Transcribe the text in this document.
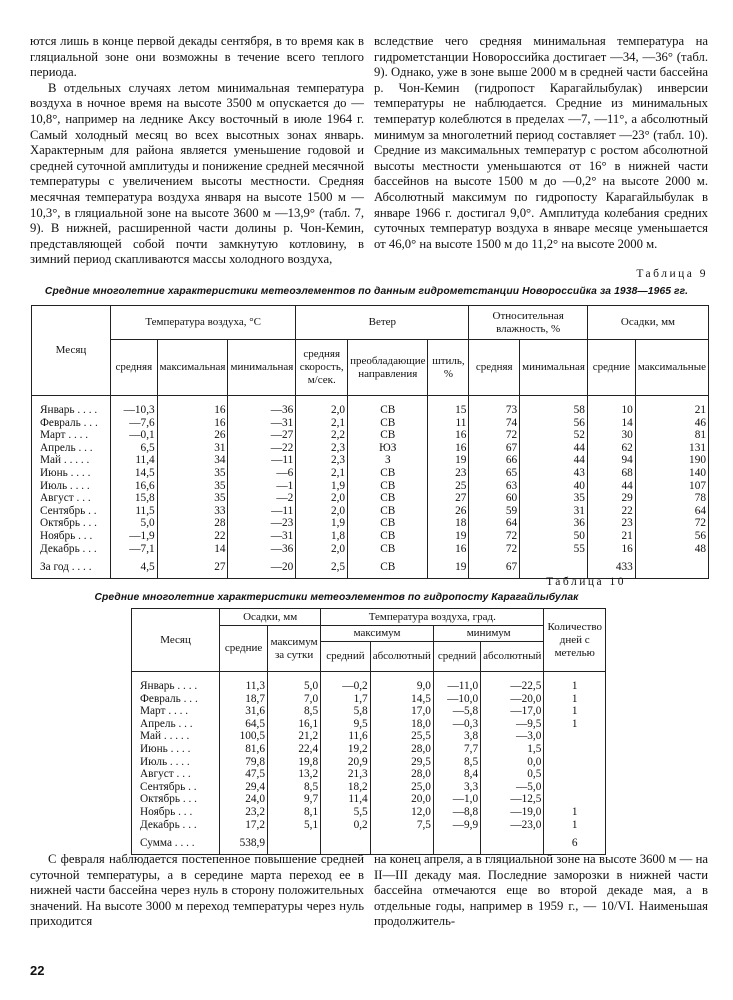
ются лишь в конце первой декады сентября, в то время как в гляциальной зоне они возможны в течение всего теплого периода.

В отдельных случаях летом минимальная температура воздуха в ночное время на высоте 3500 м опускается до —10,8°, например на леднике Аксу восточный в июле 1964 г. Самый холодный месяц во всех высотных зонах январь. Характерным для района является уменьшение годовой и средней суточной амплитуды и понижение средней месячной температуры с увеличением высоты местности. Средняя месячная температура воздуха января на высоте 1500 м —10,3°, в гляциальной зоне на высоте 3600 м —13,9° (табл. 7, 9). В нижней, расширенной части долины р. Чон-Кемин, представляющей собой почти замкнутую котловину, в зимний период скапливаются массы холодного воздуха,

вследствие чего средняя минимальная температура на гидрометстанции Новороссийка достигает —34, —36° (табл. 9). Однако, уже в зоне выше 2000 м в средней части бассейна р. Чон-Кемин (гидропост Карагайлыбулак) инверсии температуры не наблюдается. Средние из минимальных температур колеблются в пределах —7, —11°, а абсолютный минимум за многолетний период составляет —23° (табл. 10). Средние из максимальных температур с ростом абсолютной высоты местности уменьшаются от 16° в нижней части бассейнов на высоте 1500 м до —0,2° на высоте 2000 м. Абсолютный максимум по гидропосту Карагайлыбулак в январе 1966 г. достигал 9,0°. Амплитуда колебания средних суточных температур воздуха в январе месяце уменьшается от 46,0° на высоте 1500 м до 11,2° на высоте 2000 м.

Таблица 9
Средние многолетние характеристики метеоэлементов по данным гидрометстанции Новороссийка за 1938—1965 гг.
Месяц	Температура воздуха, °С			Ветер			Относительная влажность, %		Осадки, мм	
	средняя	максимальная	минимальная	средняя скорость, м/сек.	преобладающие направления	штиль, %	средняя	минимальная	средние	максимальные
Январь . . . .	—10,3	16	—36	2,0	СВ	15	73	58	10	21
Февраль . . .	—7,6	16	—31	2,1	СВ	11	74	56	14	46
Март . . . .	—0,1	26	—27	2,2	СВ	16	72	52	30	81
Апрель . . .	6,5	31	—22	2,3	ЮЗ	16	67	44	62	131
Май . . . . .	11,4	34	—11	2,3	З	19	66	44	94	190
Июнь . . . .	14,5	35	—6	2,1	СВ	23	65	43	68	140
Июль . . . .	16,6	35	—1	1,9	СВ	25	63	40	44	107
Август . . .	15,8	35	—2	2,0	СВ	27	60	35	29	78
Сентябрь . .	11,5	33	—11	2,0	СВ	26	59	31	22	64
Октябрь . . .	5,0	28	—23	1,9	СВ	18	64	36	23	72
Ноябрь . . .	—1,9	22	—31	1,8	СВ	19	72	50	21	56
Декабрь . . .	—7,1	14	—36	2,0	СВ	16	72	55	16	48
За год . . . .	4,5	27	—20	2,5	СВ	19	67		433	
Таблица 10
Средние многолетние характеристики метеоэлементов по гидропосту Карагайлыбулак
Месяц	Осадки, мм		Температура воздуха, град.				Количество дней с метелью
	средние	максимум за сутки	максимум		минимум		
			средний	абсолютный	средний	абсолютный	
Январь . . . .	11,3	5,0	—0,2	9,0	—11,0	—22,5	1
Февраль . . .	18,7	7,0	1,7	14,5	—10,0	—20,0	1
Март . . . .	31,6	8,5	5,8	17,0	—5,8	—17,0	1
Апрель . . .	64,5	16,1	9,5	18,0	—0,3	—9,5	1
Май . . . . .	100,5	21,2	11,6	25,5	3,8	—3,0	
Июнь . . . .	81,6	22,4	19,2	28,0	7,7	1,5	
Июль . . . .	79,8	19,8	20,9	29,5	8,5	0,0	
Август . . .	47,5	13,2	21,3	28,0	8,4	0,5	
Сентябрь . .	29,4	8,5	18,2	25,0	3,3	—5,0	
Октябрь . . .	24,0	9,7	11,4	20,0	—1,0	—12,5	
Ноябрь . . .	23,2	8,1	5,5	12,0	—8,8	—19,0	1
Декабрь . . .	17,2	5,1	0,2	7,5	—9,9	—23,0	1
Сумма . . . .	538,9						6

С февраля наблюдается постепенное повышение средней суточной температуры, а в середине марта переход ее в нижней части бассейна через нуль в сторону положительных значений. На высоте 3000 м переход температуры через нуль приходится

на конец апреля, а в гляциальной зоне на высоте 3600 м — на II—III декаду мая. Последние заморозки в нижней части бассейна отмечаются еще во второй декаде мая, а в отдельные годы, например в 1959 г., — 10/VI. Наименьшая продолжитель-

22
